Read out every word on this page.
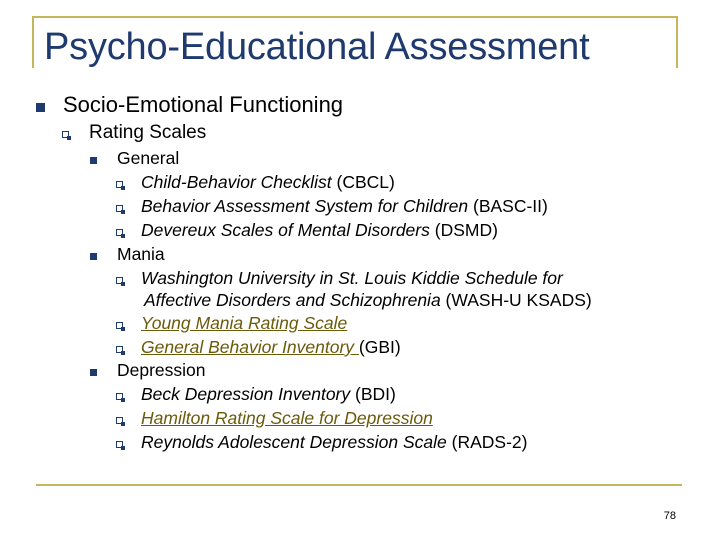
Psycho-Educational Assessment
Socio-Emotional Functioning
Rating Scales
General
Child-Behavior Checklist (CBCL)
Behavior Assessment System for Children (BASC-II)
Devereux Scales of Mental Disorders (DSMD)
Mania
Washington University in St. Louis Kiddie Schedule for
Affective Disorders and Schizophrenia (WASH-U KSADS)
Young Mania Rating Scale
General Behavior Inventory (GBI)
Depression
Beck Depression Inventory (BDI)
Hamilton Rating Scale for Depression
Reynolds Adolescent Depression Scale (RADS-2)
78
